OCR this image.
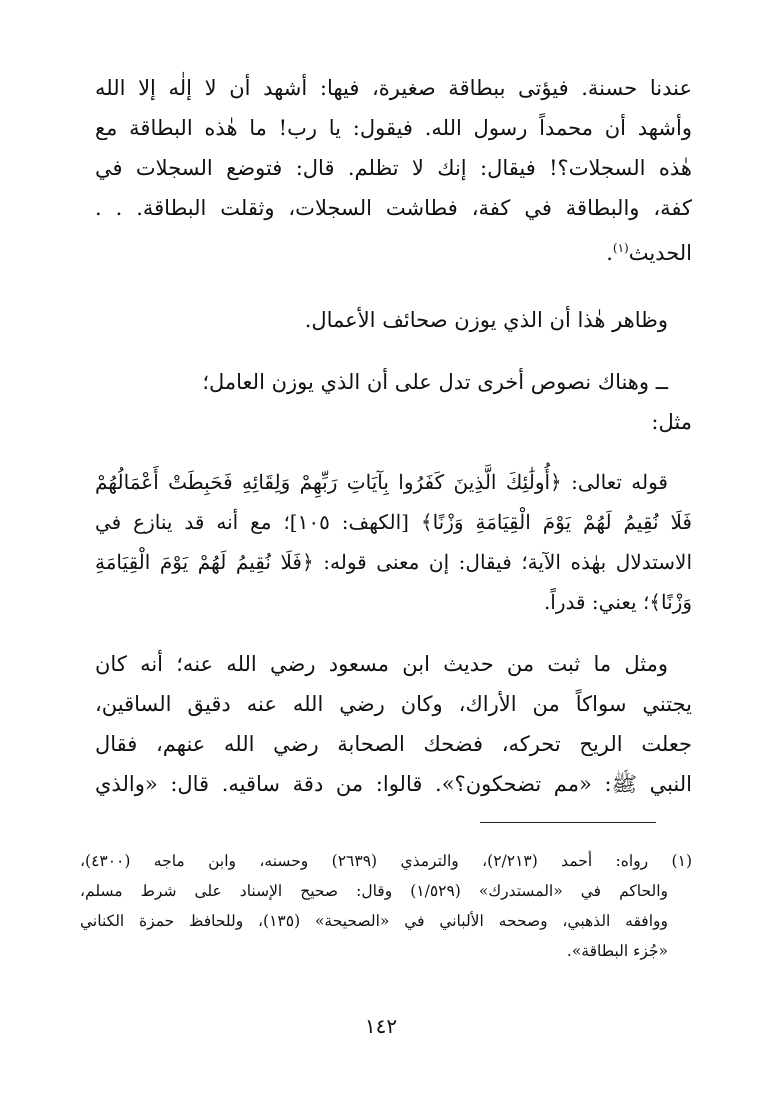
عندنا حسنة. فيؤتى ببطاقة صغيرة، فيها: أشهد أن لا إلٰه إلا الله
وأشهد أن محمداً رسول الله. فيقول: يا رب! ما هٰذه البطاقة مع
هٰذه السجلات؟! فيقال: إنك لا تظلم. قال: فتوضع السجلات في
كفة، والبطاقة في كفة، فطاشت السجلات، وثقلت البطاقة. . .
الحديث$^{(١)}$.
وظاهر هٰذا أن الذي يوزن صحائف الأعمال.
ــ وهناك نصوص أخرى تدل على أن الذي يوزن العامل؛
مثل:
قوله تعالى: ﴿أُولَٰئِكَ الَّذِينَ كَفَرُوا بِآيَاتِ رَبِّهِمْ وَلِقَائِهِ فَحَبِطَتْ أَعْمَالُهُمْ
فَلَا نُقِيمُ لَهُمْ يَوْمَ الْقِيَامَةِ وَزْنًا﴾ [الكهف: ١٠٥]؛ مع أنه قد ينازع في
الاستدلال بهٰذه الآية؛ فيقال: إن معنى قوله: ﴿فَلَا نُقِيمُ لَهُمْ يَوْمَ الْقِيَامَةِ
وَزْنًا﴾؛ يعني: قدراً.
ومثل ما ثبت من حديث ابن مسعود رضي الله عنه؛ أنه كان
يجتني سواكاً من الأراك، وكان رضي الله عنه دقيق الساقين،
جعلت الريح تحركه، فضحك الصحابة رضي الله عنهم، فقال
النبي ﷺ: «مم تضحكون؟». قالوا: من دقة ساقيه. قال: «والذي
(١) رواه: أحمد (٢/٢١٣)، والترمذي (٢٦٣٩) وحسنه، وابن ماجه (٤٣٠٠)،
والحاكم في «المستدرك» (١/٥٢٩) وقال: صحيح الإسناد على شرط مسلم،
ووافقه الذهبي، وصححه الألباني في «الصحيحة» (١٣٥)، وللحافظ حمزة الكناني
«جُزء البطاقة».
١٤٢
